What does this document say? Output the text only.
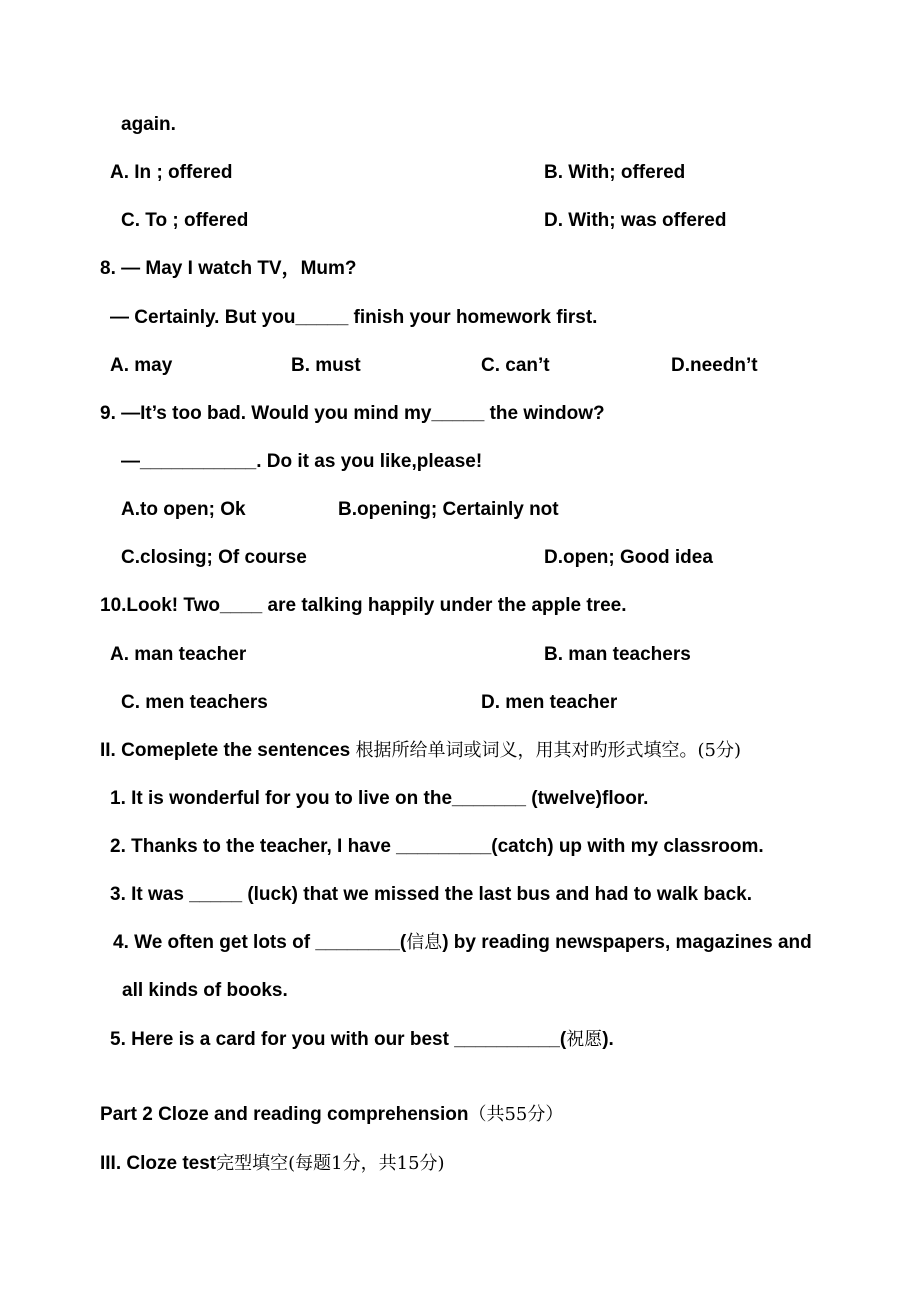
again.
A. In ; offered	B. With; offered
C. To ; offered	D. With; was offered
8. — May I watch TV，Mum?
— Certainly. But you_____ finish your homework first.
A. may	B. must	C. can’t	D.needn’t
9. —It’s too bad. Would you mind my_____ the window?
—___________. Do it as you like,please!
A.to open; Ok	B.opening; Certainly not
C.closing; Of course	D.open; Good idea
10.Look! Two____ are talking happily under the apple tree.
A. man teacher	B. man teachers
C. men teachers	D. men teacher
II. Comeplete the sentences 根据所给单词或词义，用其对旳形式填空。(5分)
1. It is wonderful for you to live on the_______ (twelve)floor.
2. Thanks to the teacher, I have _________(catch) up with my classroom.
3. It was _____ (luck) that we missed the last bus and had to walk back.
4. We often get lots of ________(信息) by reading newspapers, magazines and
all kinds of books.
5. Here is a card for you with our best __________(祝愿).
Part 2 Cloze and reading comprehension（共55分）
III. Cloze test完型填空(每题1分，共15分)
